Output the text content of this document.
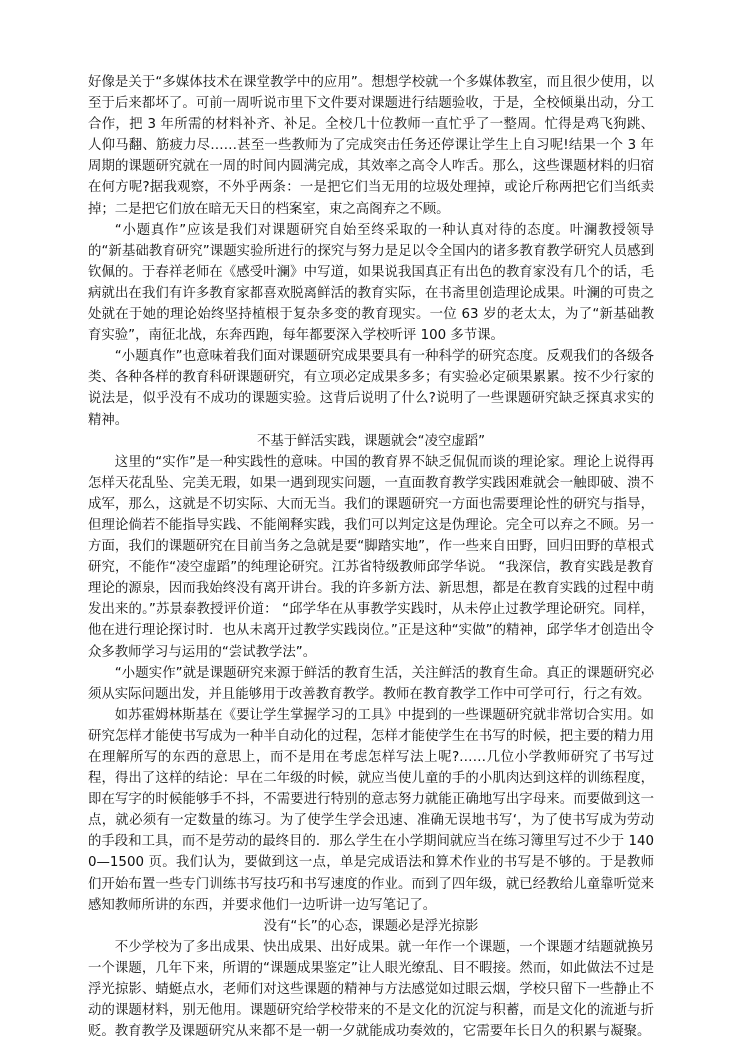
好像是关于“多媒体技术在课堂教学中的应用”。想想学校就一个多媒体教室，而且很少使用，以至于后来都坏了。可前一周听说市里下文件要对课题进行结题验收，于是，全校倾巢出动，分工合作，把 3 年所需的材料补齐、补足。全校几十位教师一直忙乎了一整周。忙得是鸡飞狗跳、人仰马翻、筋疲力尽……甚至一些教师为了完成突击任务还停课让学生上自习呢!结果一个 3 年周期的课题研究就在一周的时间内圆满完成，其效率之高令人咋舌。那么，这些课题材料的归宿在何方呢?据我观察，不外乎两条：一是把它们当无用的垃圾处理掉，或论斤称两把它们当纸卖掉；二是把它们放在暗无天日的档案室，束之高阁弃之不顾。

“小题真作”应该是我们对课题研究自始至终采取的一种认真对待的态度。叶澜教授领导的“新基础教育研究”课题实验所进行的探究与努力是足以令全国内的诸多教育教学研究人员感到钦佩的。于春祥老师在《感受叶澜》中写道，如果说我国真正有出色的教育家没有几个的话，毛病就出在我们有许多教育家都喜欢脱离鲜活的教育实际，在书斋里创造理论成果。叶澜的可贵之处就在于她的理论始终坚持植根于复杂多变的教育现实。一位 63 岁的老太太，为了“新基础教育实验”，南征北战，东奔西跑，每年都要深入学校听评 100 多节课。

“小题真作”也意味着我们面对课题研究成果要具有一种科学的研究态度。反观我们的各级各类、各种各样的教育科研课题研究，有立项必定成果多多；有实验必定硕果累累。按不少行家的说法是，似乎没有不成功的课题实验。这背后说明了什么?说明了一些课题研究缺乏探真求实的精神。

不基于鲜活实践，课题就会“凌空虚蹈”

这里的“实作”是一种实践性的意味。中国的教育界不缺乏侃侃而谈的理论家。理论上说得再怎样天花乱坠、完美无瑕，如果一遇到现实问题，一直面教育教学实践困难就会一触即破、溃不成军，那么，这就是不切实际、大而无当。我们的课题研究一方面也需要理论性的研究与指导，但理论倘若不能指导实践、不能阐释实践，我们可以判定这是伪理论。完全可以弃之不顾。另一方面，我们的课题研究在目前当务之急就是要“脚踏实地”，作一些来自田野，回归田野的草根式研究，不能作“凌空虚蹈”的纯理论研究。江苏省特级教师邱学华说。 “我深信，教育实践是教育理论的源泉，因而我始终没有离开讲台。我的许多新方法、新思想，都是在教育实践的过程中萌发出来的。”苏景泰教授评价道： “邱学华在从事教学实践时，从未停止过教学理论研究。同样，他在进行理论探讨时．也从未离开过教学实践岗位。”正是这种“实做”的精神，邱学华才创造出令众多教师学习与运用的“尝试教学法”。

“小题实作”就是课题研究来源于鲜活的教育生活，关注鲜活的教育生命。真正的课题研究必须从实际问题出发，并且能够用于改善教育教学。教师在教育教学工作中可学可行，行之有效。

如苏霍姆林斯基在《要让学生掌握学习的工具》中提到的一些课题研究就非常切合实用。如研究怎样才能使书写成为一种半自动化的过程，怎样才能使学生在书写的时候，把主要的精力用在理解所写的东西的意思上，而不是用在考虑怎样写法上呢?……几位小学教师研究了书写过程，得出了这样的结论：早在二年级的时候，就应当使儿童的手的小肌肉达到这样的训练程度，即在写字的时候能够手不抖，不需要进行特别的意志努力就能正确地写出字母来。而要做到这一点，就必须有一定数量的练习。为了使学生学会迅速、准确无误地书写‘，为了使书写成为劳动的手段和工具，而不是劳动的最终目的．那么学生在小学期间就应当在练习簿里写过不少于 1400—1500 页。我们认为，要做到这一点，单是完成语法和算术作业的书写是不够的。于是教师们开始布置一些专门训练书写技巧和书写速度的作业。而到了四年级，就已经教给儿童靠听觉来感知教师所讲的东西，并要求他们一边听讲一边写笔记了。

没有“长”的心态，课题必是浮光掠影

不少学校为了多出成果、快出成果、出好成果。就一年作一个课题，一个课题才结题就换另一个课题，几年下来，所谓的“课题成果鉴定”让人眼光缭乱、目不暇接。然而，如此做法不过是浮光掠影、蜻蜓点水，老师们对这些课题的精神与方法感觉如过眼云烟，学校只留下一些静止不动的课题材料，别无他用。课题研究给学校带来的不是文化的沉淀与积蓄，而是文化的流逝与折贬。教育教学及课题研究从来都不是一朝一夕就能成功奏效的，它需要年长日久的积累与凝聚。
